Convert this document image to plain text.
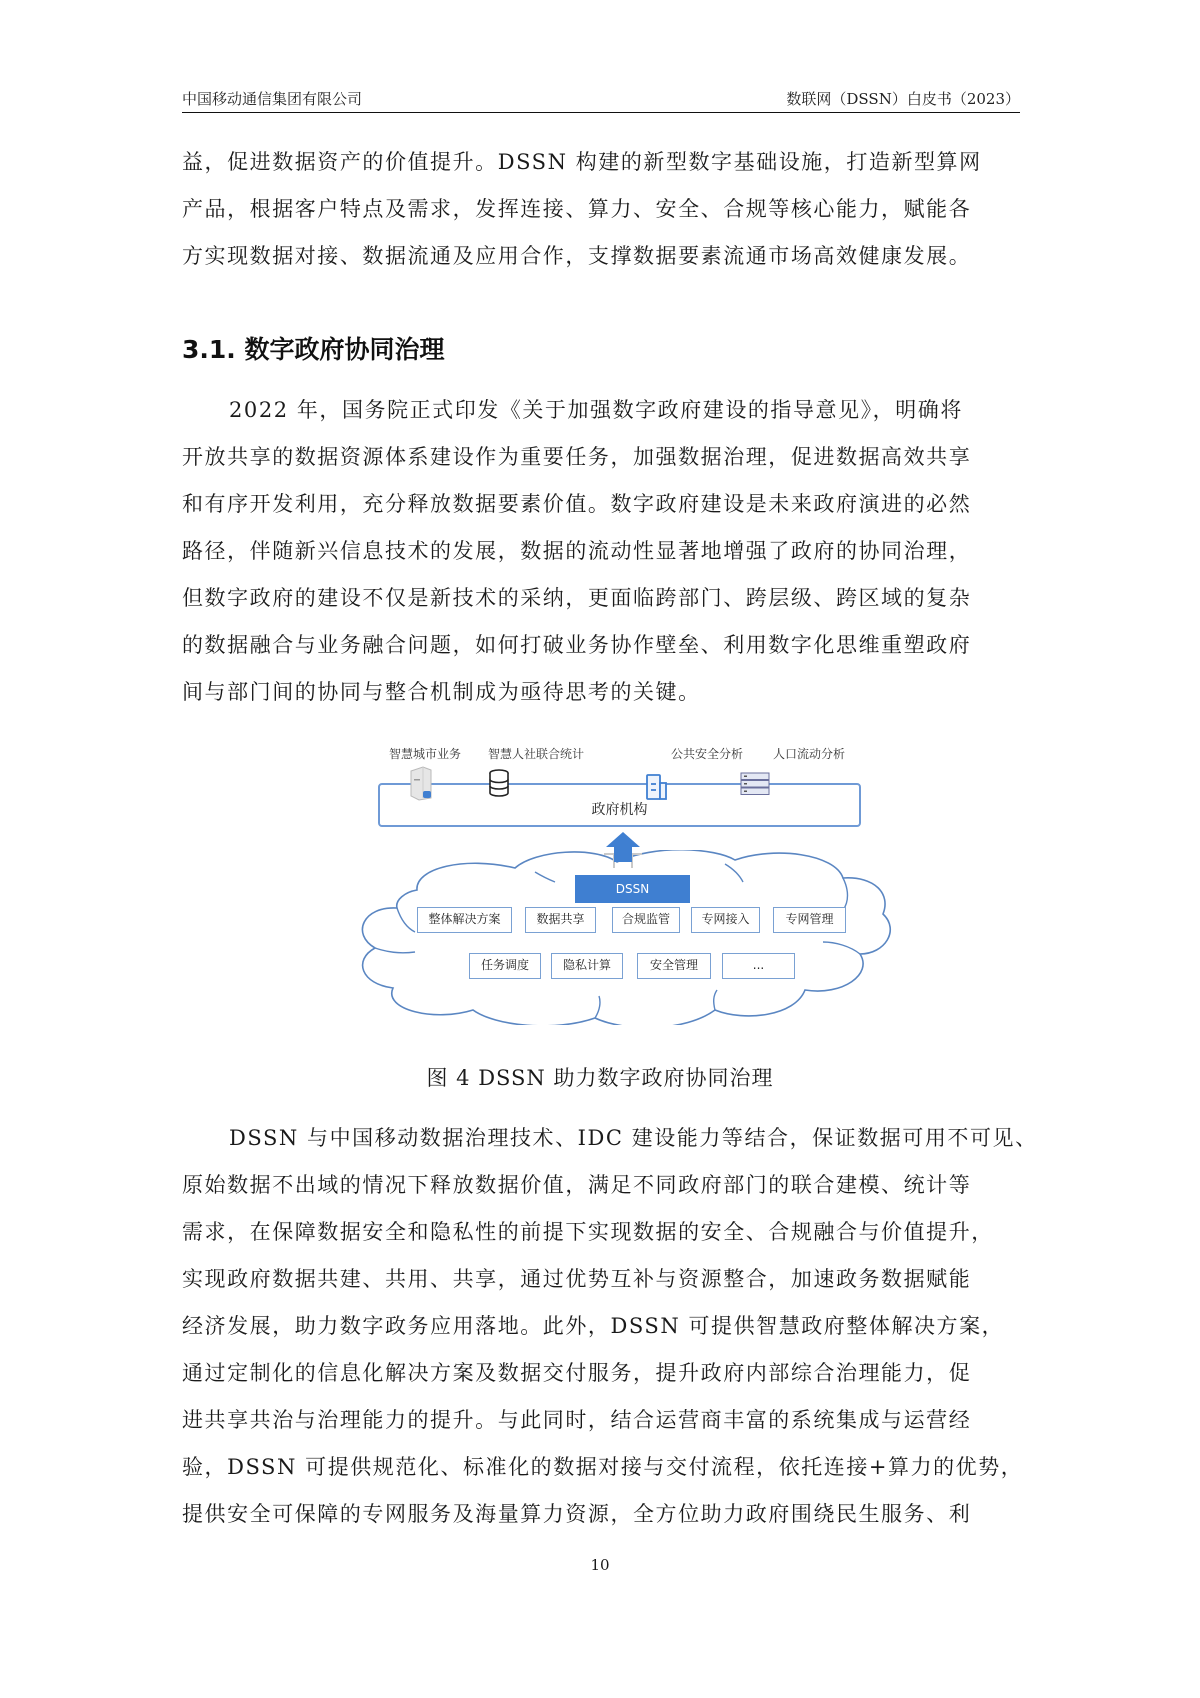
中国移动通信集团有限公司	数联网（DSSN）白皮书（2023）
益，促进数据资产的价值提升。DSSN 构建的新型数字基础设施，打造新型算网
产品，根据客户特点及需求，发挥连接、算力、安全、合规等核心能力，赋能各
方实现数据对接、数据流通及应用合作，支撑数据要素流通市场高效健康发展。
3.1. 数字政府协同治理
2022 年，国务院正式印发《关于加强数字政府建设的指导意见》，明确将
开放共享的数据资源体系建设作为重要任务，加强数据治理，促进数据高效共享
和有序开发利用，充分释放数据要素价值。数字政府建设是未来政府演进的必然
路径，伴随新兴信息技术的发展，数据的流动性显著地增强了政府的协同治理，
但数字政府的建设不仅是新技术的采纳，更面临跨部门、跨层级、跨区域的复杂
的数据融合与业务融合问题，如何打破业务协作壁垒、利用数字化思维重塑政府
间与部门间的协同与整合机制成为亟待思考的关键。
智慧城市业务 智慧人社联合统计	公共安全分析 人口流动分析
政府机构
DSSN
整体解决方案	数据共享	合规监管	专网接入	专网管理
任务调度	隐私计算	安全管理	...
图 4 DSSN 助力数字政府协同治理
DSSN 与中国移动数据治理技术、IDC 建设能力等结合，保证数据可用不可见、
原始数据不出域的情况下释放数据价值，满足不同政府部门的联合建模、统计等
需求，在保障数据安全和隐私性的前提下实现数据的安全、合规融合与价值提升，
实现政府数据共建、共用、共享，通过优势互补与资源整合，加速政务数据赋能
经济发展，助力数字政务应用落地。此外，DSSN 可提供智慧政府整体解决方案，
通过定制化的信息化解决方案及数据交付服务，提升政府内部综合治理能力，促
进共享共治与治理能力的提升。与此同时，结合运营商丰富的系统集成与运营经
验，DSSN 可提供规范化、标准化的数据对接与交付流程，依托连接+算力的优势，
提供安全可保障的专网服务及海量算力资源，全方位助力政府围绕民生服务、利
10
